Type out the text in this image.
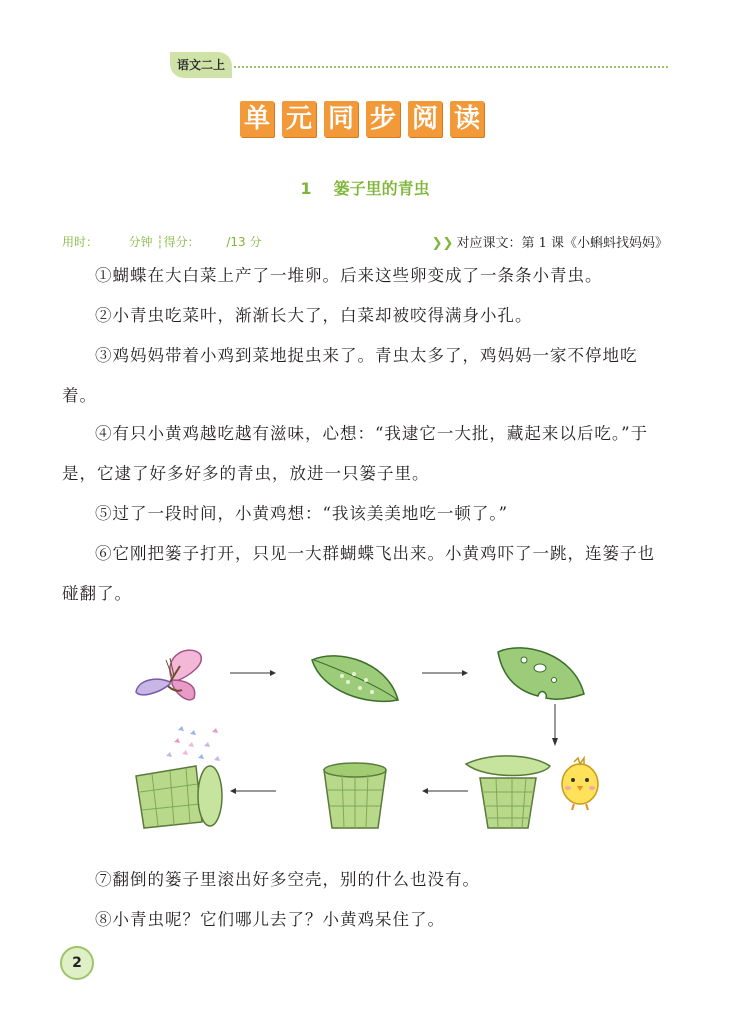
语文二上
单 元 同 步 阅 读
1 篓子里的青虫
用时：	分钟 ┆得分： /13 分	❯❯ 对应课文：第 1 课《小蝌蚪找妈妈》

①蝴蝶在大白菜上产了一堆卵。后来这些卵变成了一条条小青虫。

②小青虫吃菜叶，渐渐长大了，白菜却被咬得满身小孔。

③鸡妈妈带着小鸡到菜地捉虫来了。青虫太多了，鸡妈妈一家不停地吃着。

④有只小黄鸡越吃越有滋味，心想：“我逮它一大批，藏起来以后吃。”于是，它逮了好多好多的青虫，放进一只篓子里。

⑤过了一段时间，小黄鸡想：“我该美美地吃一顿了。”

⑥它刚把篓子打开，只见一大群蝴蝶飞出来。小黄鸡吓了一跳，连篓子也碰翻了。

⑦翻倒的篓子里滚出好多空壳，别的什么也没有。

⑧小青虫呢？它们哪儿去了？小黄鸡呆住了。

2
